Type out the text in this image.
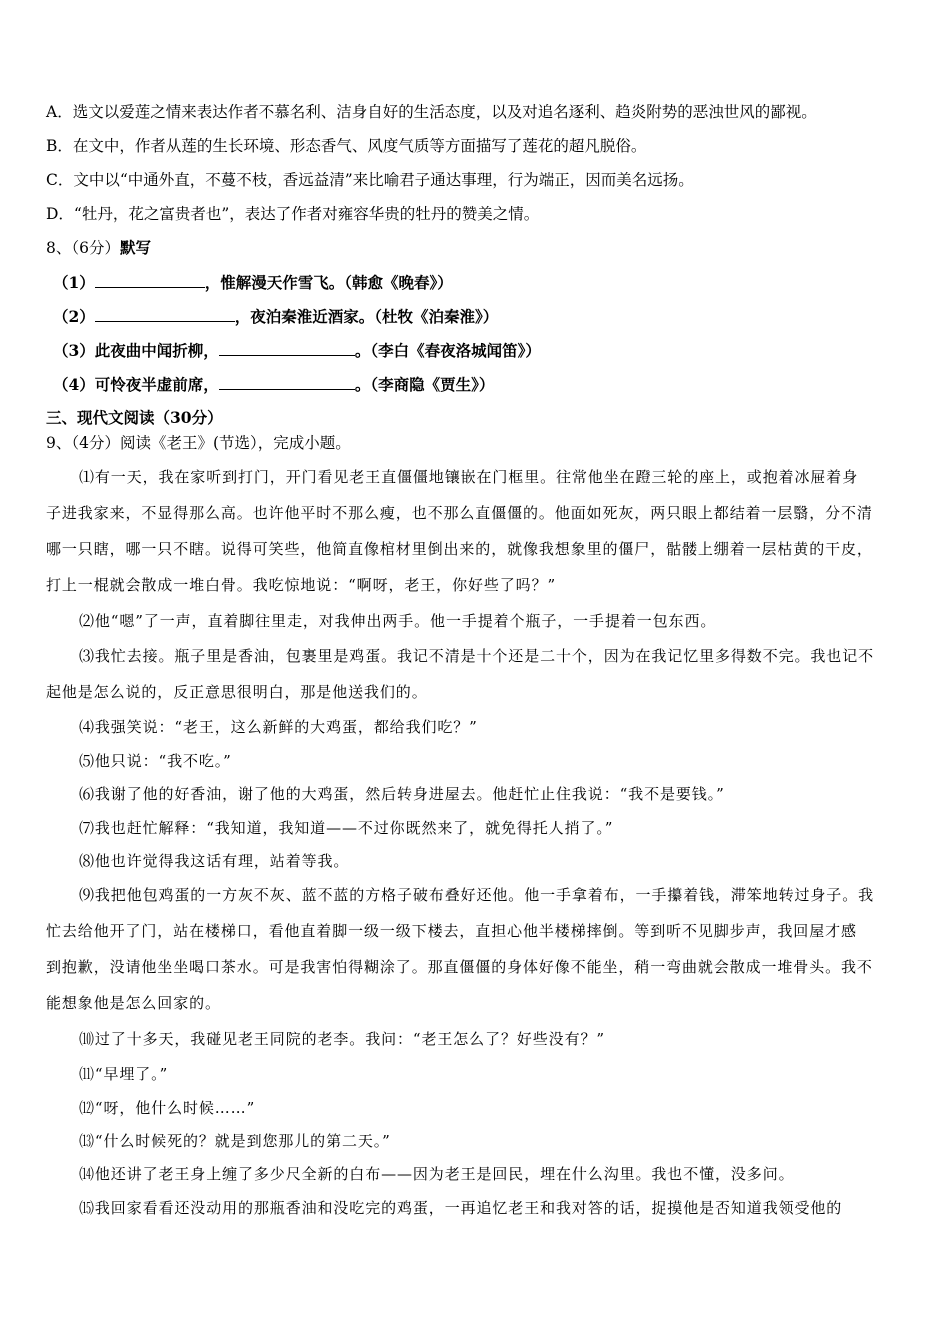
A．选文以爱莲之情来表达作者不慕名利、洁身自好的生活态度，以及对追名逐利、趋炎附势的恶浊世风的鄙视。
B．在文中，作者从莲的生长环境、形态香气、风度气质等方面描写了莲花的超凡脱俗。
C．文中以“中通外直，不蔓不枝，香远益清”来比喻君子通达事理，行为端正，因而美名远扬。
D．“牡丹，花之富贵者也”，表达了作者对雍容华贵的牡丹的赞美之情。
8、（6分）默写
（1）	，惟解漫天作雪飞。（韩愈《晚春》）
（2）	，夜泊秦淮近酒家。（杜牧《泊秦淮》）
（3）此夜曲中闻折柳，	。（李白《春夜洛城闻笛》）
（4）可怜夜半虚前席，	。（李商隐《贾生》）
三、现代文阅读（30分）
9、（4分）阅读《老王》(节选），完成小题。
⑴有一天，我在家听到打门，开门看见老王直僵僵地镶嵌在门框里。往常他坐在蹬三轮的座上，或抱着冰屉着身
子进我家来，不显得那么高。也许他平时不那么瘦，也不那么直僵僵的。他面如死灰，两只眼上都结着一层翳，分不清
哪一只瞎，哪一只不瞎。说得可笑些，他简直像棺材里倒出来的，就像我想象里的僵尸，骷髅上绷着一层枯黄的干皮，
打上一棍就会散成一堆白骨。我吃惊地说：“啊呀，老王，你好些了吗？”
⑵他“嗯”了一声，直着脚往里走，对我伸出两手。他一手提着个瓶子，一手提着一包东西。
⑶我忙去接。瓶子里是香油，包裹里是鸡蛋。我记不清是十个还是二十个，因为在我记忆里多得数不完。我也记不
起他是怎么说的，反正意思很明白，那是他送我们的。
⑷我强笑说：“老王，这么新鲜的大鸡蛋，都给我们吃？”
⑸他只说：“我不吃。”
⑹我谢了他的好香油，谢了他的大鸡蛋，然后转身进屋去。他赶忙止住我说：“我不是要钱。”
⑺我也赶忙解释：“我知道，我知道——不过你既然来了，就免得托人捎了。”
⑻他也许觉得我这话有理，站着等我。
⑼我把他包鸡蛋的一方灰不灰、蓝不蓝的方格子破布叠好还他。他一手拿着布，一手攥着钱，滞笨地转过身子。我
忙去给他开了门，站在楼梯口，看他直着脚一级一级下楼去，直担心他半楼梯摔倒。等到听不见脚步声，我回屋才感
到抱歉，没请他坐坐喝口茶水。可是我害怕得糊涂了。那直僵僵的身体好像不能坐，稍一弯曲就会散成一堆骨头。我不
能想象他是怎么回家的。
⑽过了十多天，我碰见老王同院的老李。我问：“老王怎么了？好些没有？”
⑾“早埋了。”
⑿“呀，他什么时候……”
⒀“什么时候死的？就是到您那儿的第二天。”
⒁他还讲了老王身上缠了多少尺全新的白布——因为老王是回民，埋在什么沟里。我也不懂，没多问。
⒂我回家看看还没动用的那瓶香油和没吃完的鸡蛋，一再追忆老王和我对答的话，捉摸他是否知道我领受他的
